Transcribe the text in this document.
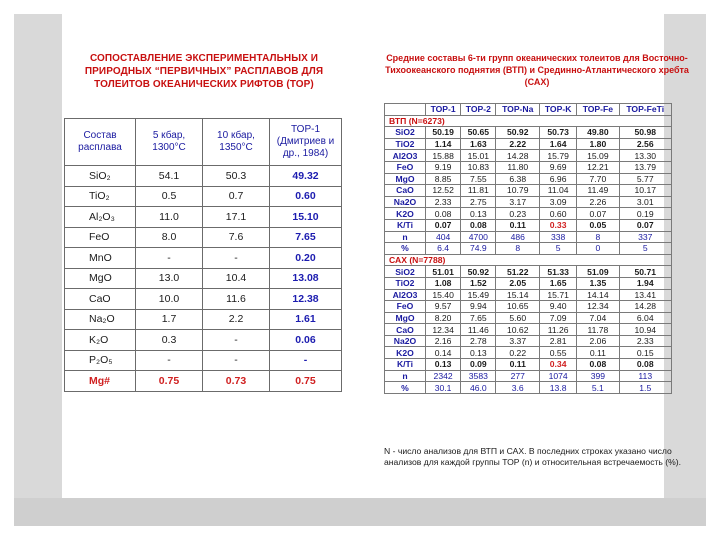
СОПОСТАВЛЕНИЕ ЭКСПЕРИМЕНТАЛЬНЫХ И ПРИРОДНЫХ “ПЕРВИЧНЫХ” РАСПЛАВОВ ДЛЯ ТОЛЕИТОВ ОКЕАНИЧЕСКИХ РИФТОВ (ТОР)
Состав расплава	5 кбар, 1300°С	10 кбар, 1350°С	ТОР-1 (Дмитриев и др., 1984)
SiO₂	54.1	50.3	49.32
TiO₂	0.5	0.7	0.60
Al₂O₃	11.0	17.1	15.10
FeO	8.0	7.6	7.65
MnO	-	-	0.20
MgO	13.0	10.4	13.08
CaO	10.0	11.6	12.38
Na₂O	1.7	2.2	1.61
K₂O	0.3	-	0.06
P₂O₅	-	-	-
Mg#	0.75	0.73	0.75
Средние составы 6-ти групп океанических толеитов для Восточно-Тихоокеанского поднятия (ВТП) и Срединно-Атлантического хребта (САХ)
	ТОР-1	ТОР-2	ТОР-Na	ТОР-K	ТОР-Fe	ТОР-FeTi
ВТП (N=6273)						
SiO2	50.19	50.65	50.92	50.73	49.80	50.98
TiO2	1.14	1.63	2.22	1.64	1.80	2.56
Al2O3	15.88	15.01	14.28	15.79	15.09	13.30
FeO	9.19	10.83	11.80	9.69	12.21	13.79
MgO	8.85	7.55	6.38	6.96	7.70	5.77
CaO	12.52	11.81	10.79	11.04	11.49	10.17
Na2O	2.33	2.75	3.17	3.09	2.26	3.01
K2O	0.08	0.13	0.23	0.60	0.07	0.19
K/Ti	0.07	0.08	0.11	0.33	0.05	0.07
n	404	4700	486	338	8	337
%	6.4	74.9	8	5	0	5
САХ (N=7788)						
SiO2	51.01	50.92	51.22	51.33	51.09	50.71
TiO2	1.08	1.52	2.05	1.65	1.35	1.94
Al2O3	15.40	15.49	15.14	15.71	14.14	13.41
FeO	9.57	9.94	10.65	9.40	12.34	14.28
MgO	8.20	7.65	5.60	7.09	7.04	6.04
CaO	12.34	11.46	10.62	11.26	11.78	10.94
Na2O	2.16	2.78	3.37	2.81	2.06	2.33
K2O	0.14	0.13	0.22	0.55	0.11	0.15
K/Ti	0.13	0.09	0.11	0.34	0.08	0.08
n	2342	3583	277	1074	399	113
%	30.1	46.0	3.6	13.8	5.1	1.5
N - число анализов для ВТП и САХ. В последних строках указано число анализов для каждой группы ТОР (n) и относительная встречаемость (%).
